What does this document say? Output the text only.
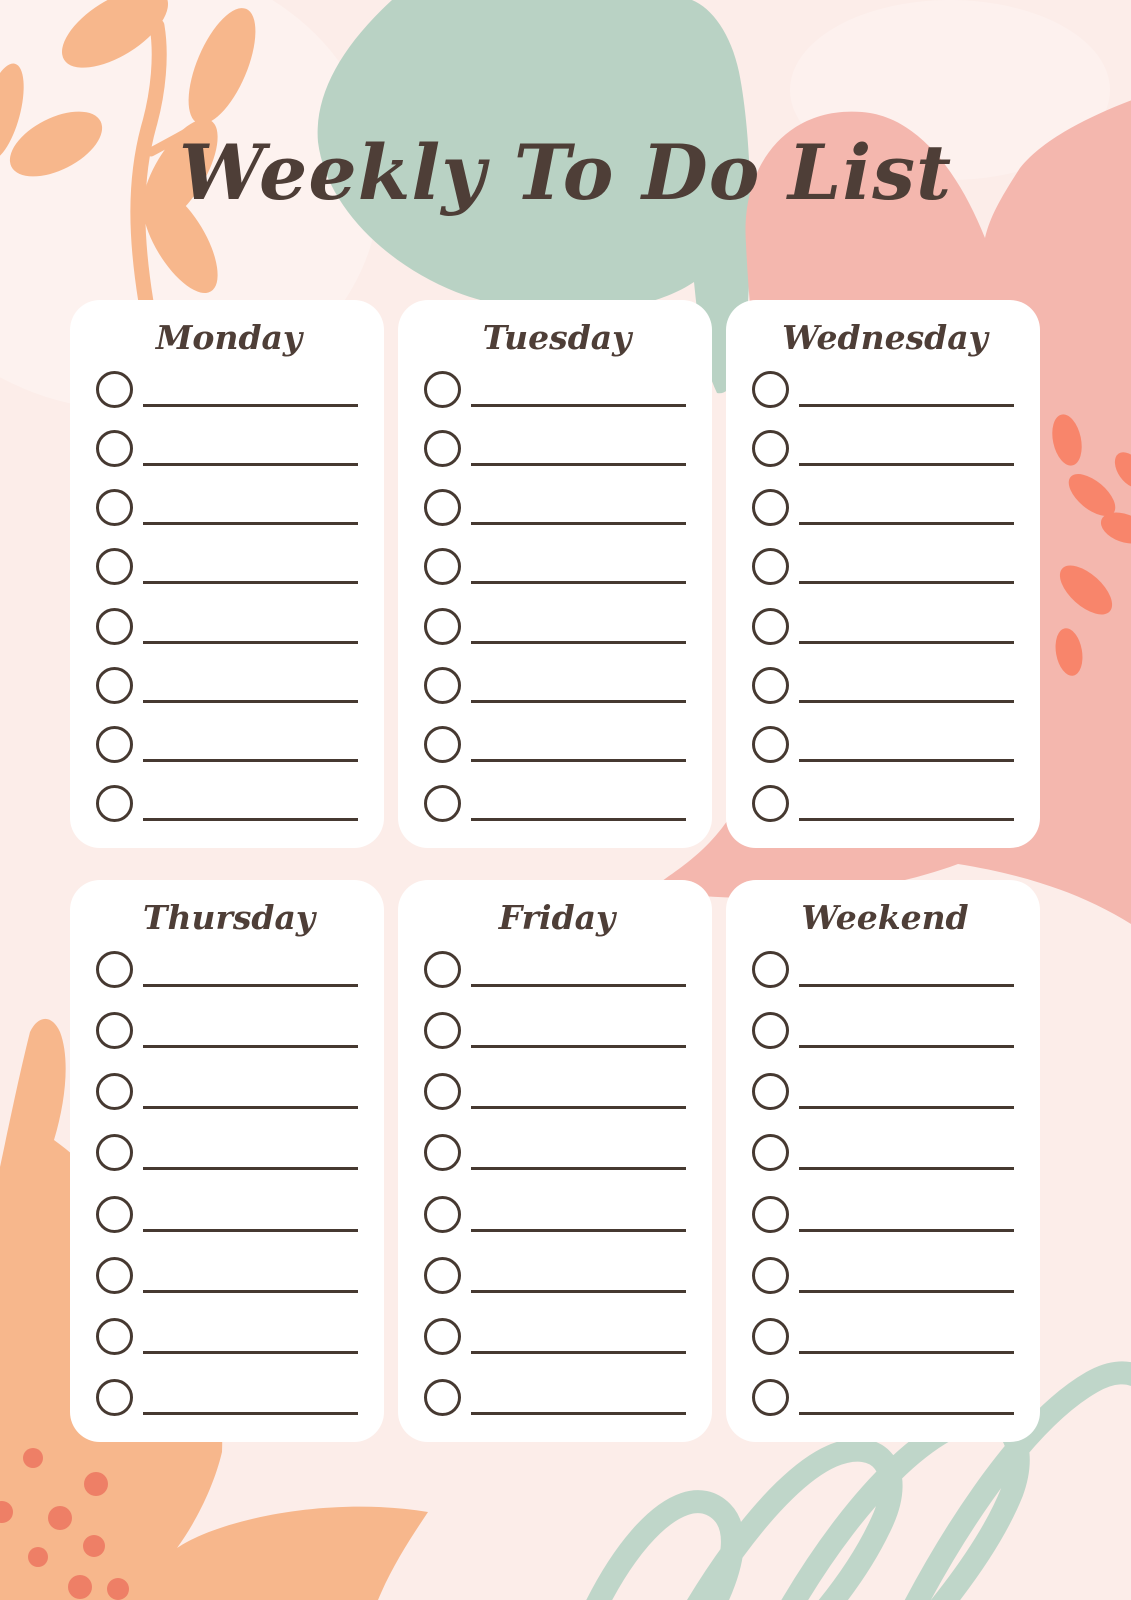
Weekly To Do List
Monday	Tuesday	Wednesday
Thursday	Friday	Weekend
